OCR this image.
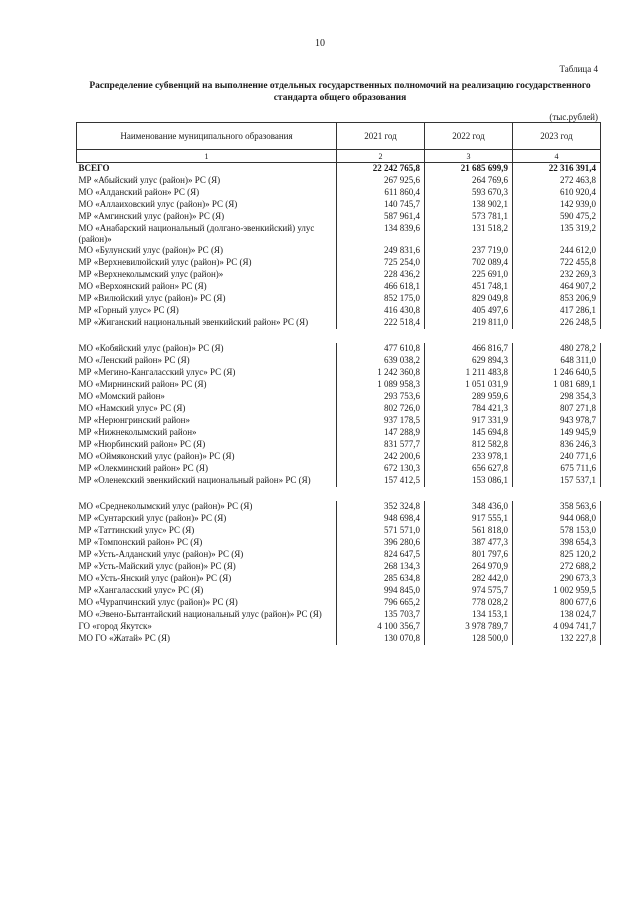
10
Таблица 4
Распределение субвенций на выполнение отдельных государственных полномочий на реализацию государственного стандарта общего образования
(тыс.рублей)
Наименование муниципального образования	2021 год	2022 год	2023 год
1	2	3	4
ВСЕГО	22 242 765,8	21 685 699,9	22 316 391,4
МР «Абыйский улус (район)» РС (Я)	267 925,6	264 769,6	272 463,8
МО «Алданский район» РС (Я)	611 860,4	593 670,3	610 920,4
МО «Аллаиховский улус (район)» РС (Я)	140 745,7	138 902,1	142 939,0
МР «Амгинский улус (район)» РС (Я)	587 961,4	573 781,1	590 475,2
МО «Анабарский национальный (долгано-эвенкийский) улус (район)»	134 839,6	131 518,2	135 319,2
МО «Булунский улус (район)» РС (Я)	249 831,6	237 719,0	244 612,0
МР «Верхневилюйский улус (район)» РС (Я)	725 254,0	702 089,4	722 455,8
МР «Верхнеколымский улус (район)»	228 436,2	225 691,0	232 269,3
МО «Верхоянский район» РС (Я)	466 618,1	451 748,1	464 907,2
МР «Вилюйский улус (район)» РС (Я)	852 175,0	829 049,8	853 206,9
МР «Горный улус» РС (Я)	416 430,8	405 497,6	417 286,1
МР «Жиганский национальный эвенкийский район» РС (Я)	222 518,4	219 811,0	226 248,5

МО «Кобяйский улус (район)» РС (Я)	477 610,8	466 816,7	480 278,2
МО «Ленский район» РС (Я)	639 038,2	629 894,3	648 311,0
МР «Мегино-Кангаласский улус» РС (Я)	1 242 360,8	1 211 483,8	1 246 640,5
МО «Мирнинский район» РС (Я)	1 089 958,3	1 051 031,9	1 081 689,1
МО «Момский район»	293 753,6	289 959,6	298 354,3
МО «Намский улус» РС (Я)	802 726,0	784 421,3	807 271,8
МР «Нерюнгринский район»	937 178,5	917 331,9	943 978,7
МР «Нижнеколымский район»	147 288,9	145 694,8	149 945,9
МР «Нюрбинский район» РС (Я)	831 577,7	812 582,8	836 246,3
МО «Оймяконский улус (район)» РС (Я)	242 200,6	233 978,1	240 771,6
МР «Олекминский район» РС (Я)	672 130,3	656 627,8	675 711,6
МР «Оленекский эвенкийский национальный район» РС (Я)	157 412,5	153 086,1	157 537,1

МО «Среднеколымский улус (район)» РС (Я)	352 324,8	348 436,0	358 563,6
МР «Сунтарский улус (район)» РС (Я)	948 698,4	917 555,1	944 068,0
МР «Таттинский улус» РС (Я)	571 571,0	561 818,0	578 153,0
МР «Томпонский район» РС (Я)	396 280,6	387 477,3	398 654,3
МР «Усть-Алданский улус (район)» РС (Я)	824 647,5	801 797,6	825 120,2
МР «Усть-Майский улус (район)» РС (Я)	268 134,3	264 970,9	272 688,2
МО «Усть-Янский улус (район)» РС (Я)	285 634,8	282 442,0	290 673,3
МР «Хангаласский улус» РС (Я)	994 845,0	974 575,7	1 002 959,5
МО «Чурапчинский улус (район)» РС (Я)	796 665,2	778 028,2	800 677,6
МО «Эвено-Бытантайский национальный улус (район)» РС (Я)	135 703,7	134 153,1	138 024,7
ГО «город Якутск»	4 100 356,7	3 978 789,7	4 094 741,7
МО ГО «Жатай» РС (Я)	130 070,8	128 500,0	132 227,8
